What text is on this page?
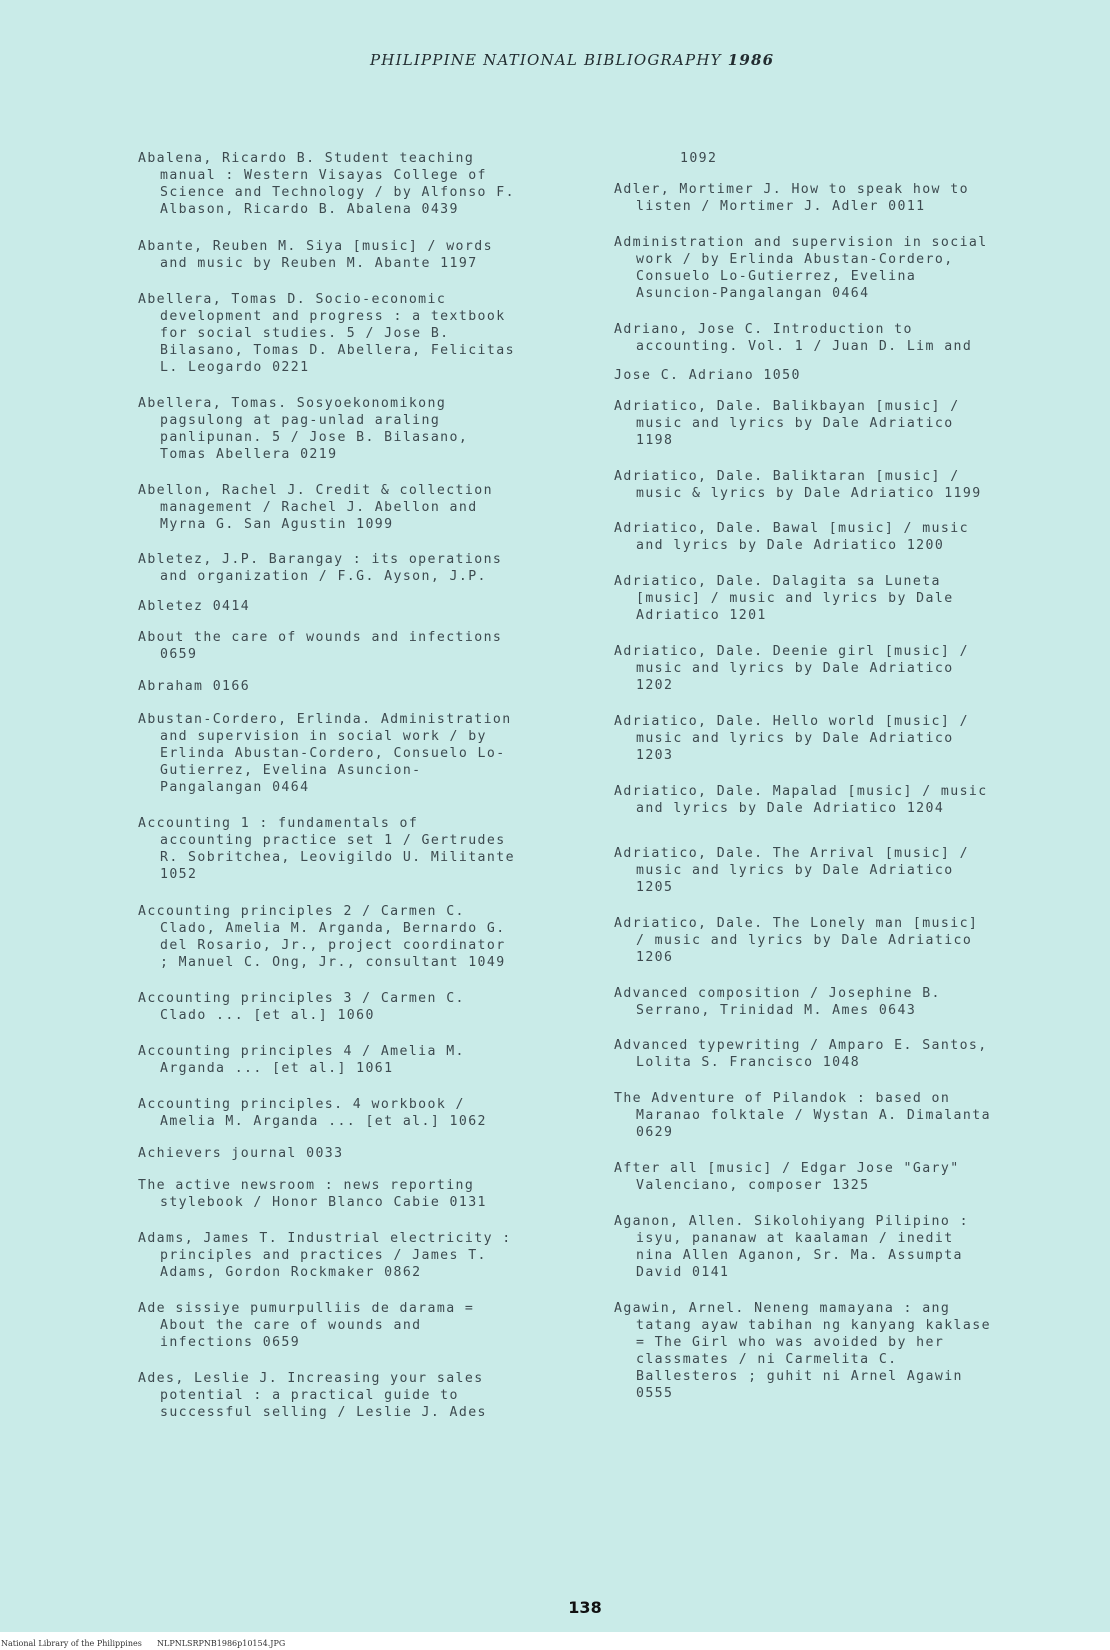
PHILIPPINE NATIONAL BIBLIOGRAPHY 1986
Abalena, Ricardo B. Student teaching
manual : Western Visayas College of
Science and Technology / by Alfonso F.
Albason, Ricardo B. Abalena 0439
Abante, Reuben M. Siya [music] / words
and music by Reuben M. Abante 1197
Abellera, Tomas D. Socio-economic
development and progress : a textbook
for social studies. 5 / Jose B.
Bilasano, Tomas D. Abellera, Felicitas
L. Leogardo 0221
Abellera, Tomas. Sosyoekonomikong
pagsulong at pag-unlad araling
panlipunan. 5 / Jose B. Bilasano,
Tomas Abellera 0219
Abellon, Rachel J. Credit & collection
management / Rachel J. Abellon and
Myrna G. San Agustin 1099
Abletez, J.P. Barangay : its operations
and organization / F.G. Ayson, J.P.
Abletez 0414
About the care of wounds and infections
0659
Abraham 0166
Abustan-Cordero, Erlinda. Administration
and supervision in social work / by
Erlinda Abustan-Cordero, Consuelo Lo-
Gutierrez, Evelina Asuncion-
Pangalangan 0464
Accounting 1 : fundamentals of
accounting practice set 1 / Gertrudes
R. Sobritchea, Leovigildo U. Militante
1052
Accounting principles 2 / Carmen C.
Clado, Amelia M. Arganda, Bernardo G.
del Rosario, Jr., project coordinator
; Manuel C. Ong, Jr., consultant 1049
Accounting principles 3 / Carmen C.
Clado ... [et al.] 1060
Accounting principles 4 / Amelia M.
Arganda ... [et al.] 1061
Accounting principles. 4 workbook /
Amelia M. Arganda ... [et al.] 1062
Achievers journal 0033
The active newsroom : news reporting
stylebook / Honor Blanco Cabie 0131
Adams, James T. Industrial electricity :
principles and practices / James T.
Adams, Gordon Rockmaker 0862
Ade sissiye pumurpulliis de darama =
About the care of wounds and
infections 0659
Ades, Leslie J. Increasing your sales
potential : a practical guide to
successful selling / Leslie J. Ades
1092
Adler, Mortimer J. How to speak how to
listen / Mortimer J. Adler 0011
Administration and supervision in social
work / by Erlinda Abustan-Cordero,
Consuelo Lo-Gutierrez, Evelina
Asuncion-Pangalangan 0464
Adriano, Jose C. Introduction to
accounting. Vol. 1 / Juan D. Lim and
Jose C. Adriano 1050
Adriatico, Dale. Balikbayan [music] /
music and lyrics by Dale Adriatico
1198
Adriatico, Dale. Baliktaran [music] /
music & lyrics by Dale Adriatico 1199
Adriatico, Dale. Bawal [music] / music
and lyrics by Dale Adriatico 1200
Adriatico, Dale. Dalagita sa Luneta
[music] / music and lyrics by Dale
Adriatico 1201
Adriatico, Dale. Deenie girl [music] /
music and lyrics by Dale Adriatico
1202
Adriatico, Dale. Hello world [music] /
music and lyrics by Dale Adriatico
1203
Adriatico, Dale. Mapalad [music] / music
and lyrics by Dale Adriatico 1204
Adriatico, Dale. The Arrival [music] /
music and lyrics by Dale Adriatico
1205
Adriatico, Dale. The Lonely man [music]
/ music and lyrics by Dale Adriatico
1206
Advanced composition / Josephine B.
Serrano, Trinidad M. Ames 0643
Advanced typewriting / Amparo E. Santos,
Lolita S. Francisco 1048
The Adventure of Pilandok : based on
Maranao folktale / Wystan A. Dimalanta
0629
After all [music] / Edgar Jose "Gary"
Valenciano, composer 1325
Aganon, Allen. Sikolohiyang Pilipino :
isyu, pananaw at kaalaman / inedit
nina Allen Aganon, Sr. Ma. Assumpta
David 0141
Agawin, Arnel. Neneng mamayana : ang
tatang ayaw tabihan ng kanyang kaklase
= The Girl who was avoided by her
classmates / ni Carmelita C.
Ballesteros ; guhit ni Arnel Agawin
0555
138
National Library of the Philippines NLPNLSRPNB1986p10154.JPG
